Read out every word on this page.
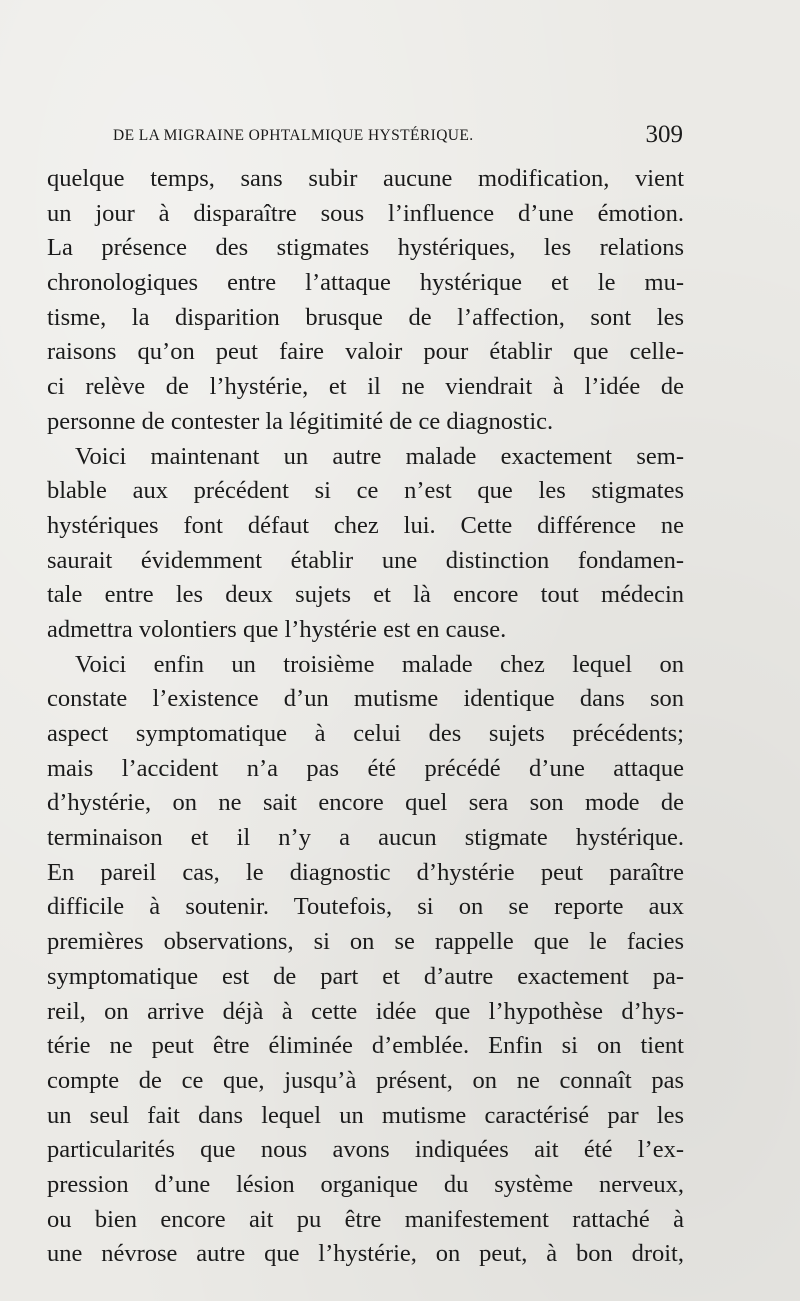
DE LA MIGRAINE OPHTALMIQUE HYSTÉRIQUE.	309
quelque temps, sans subir aucune modification, vient
un jour à disparaître sous l’influence d’une émotion.
La présence des stigmates hystériques, les relations
chronologiques entre l’attaque hystérique et le mu-
tisme, la disparition brusque de l’affection, sont les
raisons qu’on peut faire valoir pour établir que celle-
ci relève de l’hystérie, et il ne viendrait à l’idée de
personne de contester la légitimité de ce diagnostic.
Voici maintenant un autre malade exactement sem-
blable aux précédent si ce n’est que les stigmates
hystériques font défaut chez lui. Cette différence ne
saurait évidemment établir une distinction fondamen-
tale entre les deux sujets et là encore tout médecin
admettra volontiers que l’hystérie est en cause.
Voici enfin un troisième malade chez lequel on
constate l’existence d’un mutisme identique dans son
aspect symptomatique à celui des sujets précédents;
mais l’accident n’a pas été précédé d’une attaque
d’hystérie, on ne sait encore quel sera son mode de
terminaison et il n’y a aucun stigmate hystérique.
En pareil cas, le diagnostic d’hystérie peut paraître
difficile à soutenir. Toutefois, si on se reporte aux
premières observations, si on se rappelle que le facies
symptomatique est de part et d’autre exactement pa-
reil, on arrive déjà à cette idée que l’hypothèse d’hys-
térie ne peut être éliminée d’emblée. Enfin si on tient
compte de ce que, jusqu’à présent, on ne connaît pas
un seul fait dans lequel un mutisme caractérisé par les
particularités que nous avons indiquées ait été l’ex-
pression d’une lésion organique du système nerveux,
ou bien encore ait pu être manifestement rattaché à
une névrose autre que l’hystérie, on peut, à bon droit,
